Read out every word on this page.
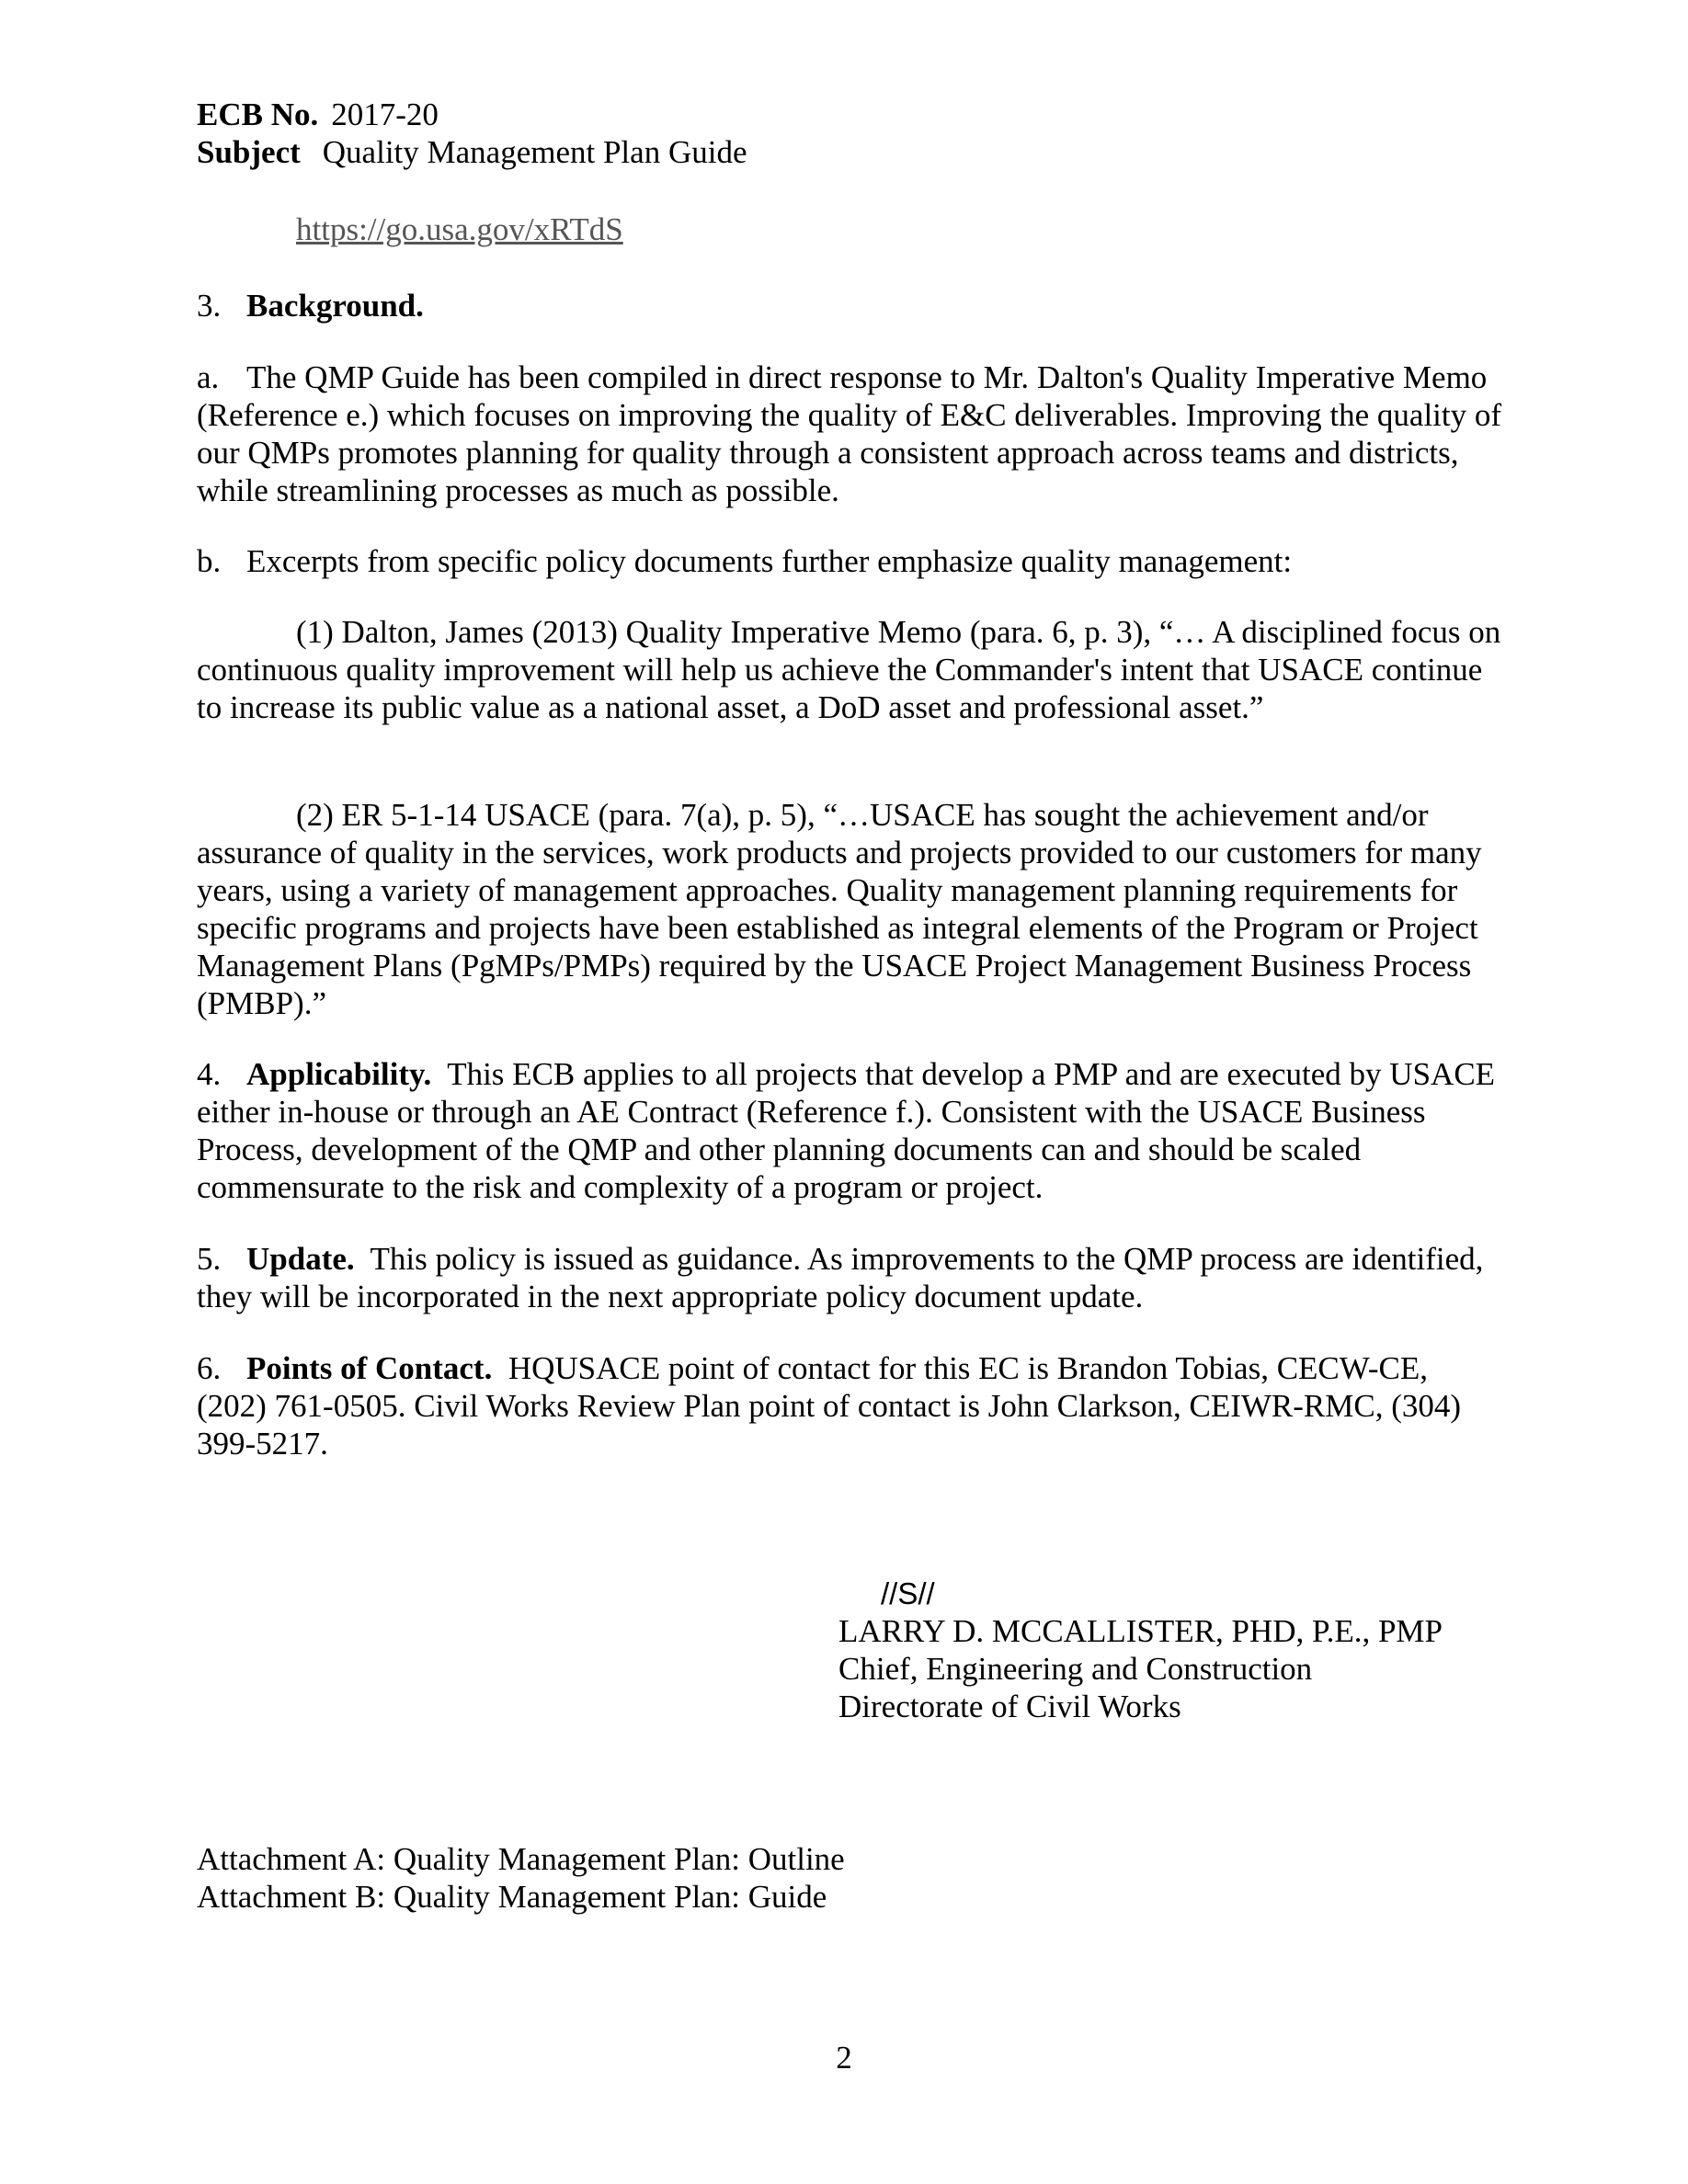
ECB No. 2017-20
Subject Quality Management Plan Guide
https://go.usa.gov/xRTdS
3. Background.

a. The QMP Guide has been compiled in direct response to Mr. Dalton's Quality Imperative Memo (Reference e.) which focuses on improving the quality of E&C deliverables. Improving the quality of our QMPs promotes planning for quality through a consistent approach across teams and districts, while streamlining processes as much as possible.

b. Excerpts from specific policy documents further emphasize quality management:

(1) Dalton, James (2013) Quality Imperative Memo (para. 6, p. 3), “… A disciplined focus on continuous quality improvement will help us achieve the Commander's intent that USACE continue to increase its public value as a national asset, a DoD asset and professional asset.”

(2) ER 5-1-14 USACE (para. 7(a), p. 5), “…USACE has sought the achievement and/or assurance of quality in the services, work products and projects provided to our customers for many years, using a variety of management approaches. Quality management planning requirements for specific programs and projects have been established as integral elements of the Program or Project Management Plans (PgMPs/PMPs) required by the USACE Project Management Business Process (PMBP).”

4. Applicability. This ECB applies to all projects that develop a PMP and are executed by USACE either in-house or through an AE Contract (Reference f.). Consistent with the USACE Business Process, development of the QMP and other planning documents can and should be scaled commensurate to the risk and complexity of a program or project.

5. Update. This policy is issued as guidance. As improvements to the QMP process are identified, they will be incorporated in the next appropriate policy document update.

6. Points of Contact. HQUSACE point of contact for this EC is Brandon Tobias, CECW-CE, (202) 761-0505. Civil Works Review Plan point of contact is John Clarkson, CEIWR-RMC, (304) 399-5217.

//S//
LARRY D. MCCALLISTER, PHD, P.E., PMP
Chief, Engineering and Construction
Directorate of Civil Works
Attachment A: Quality Management Plan: Outline
Attachment B: Quality Management Plan: Guide
2
